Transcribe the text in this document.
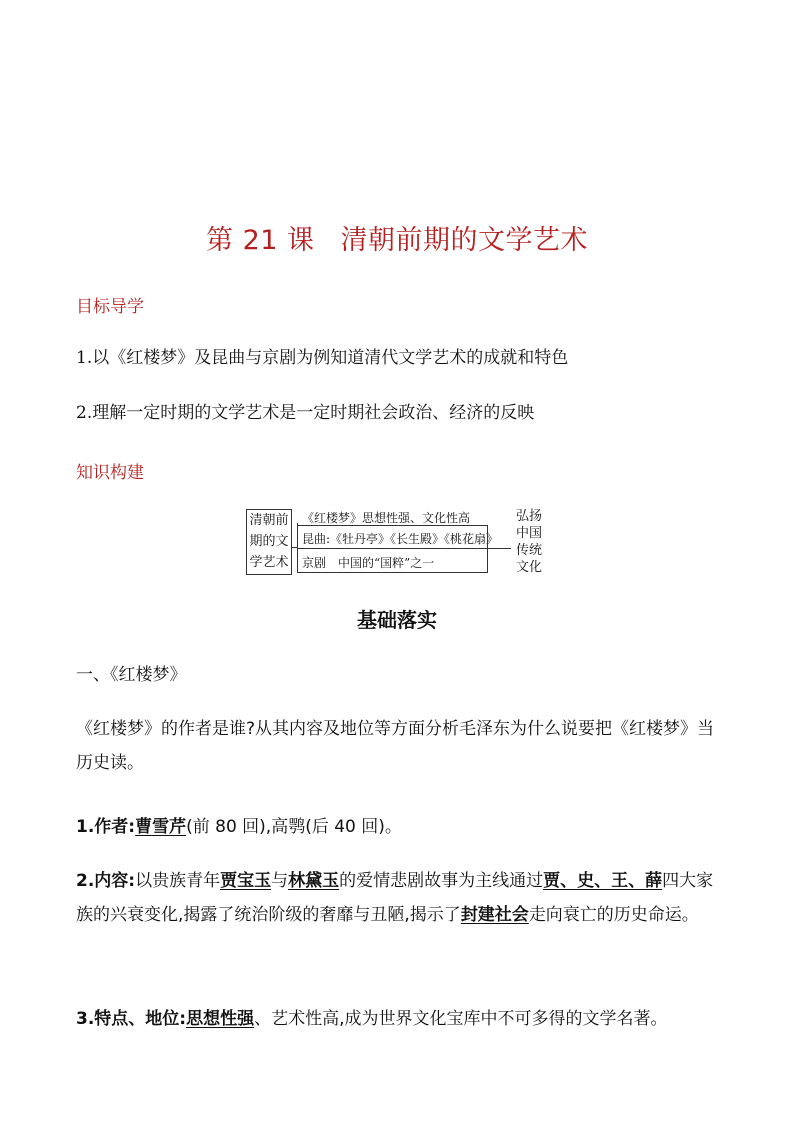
第 21 课 清朝前期的文学艺术
目标导学
1.以《红楼梦》及昆曲与京剧为例知道清代文学艺术的成就和特色
2.理解一定时期的文学艺术是一定时期社会政治、经济的反映
知识构建
清朝前
期的文
学艺术
《红楼梦》思想性强、文化性高
昆曲:《牡丹亭》《长生殿》《桃花扇》
京剧　中国的“国粹”之一
弘扬
中国
传统
文化
基础落实
一、《红楼梦》
《红楼梦》的作者是谁?从其内容及地位等方面分析毛泽东为什么说要把《红楼梦》当历史读。
1.作者:曹雪芹(前 80 回),高鹗(后 40 回)。
2.内容:以贵族青年贾宝玉与林黛玉的爱情悲剧故事为主线通过贾、史、王、薛四大家族的兴衰变化,揭露了统治阶级的奢靡与丑陋,揭示了封建社会走向衰亡的历史命运。
3.特点、地位:思想性强、艺术性高,成为世界文化宝库中不可多得的文学名著。
